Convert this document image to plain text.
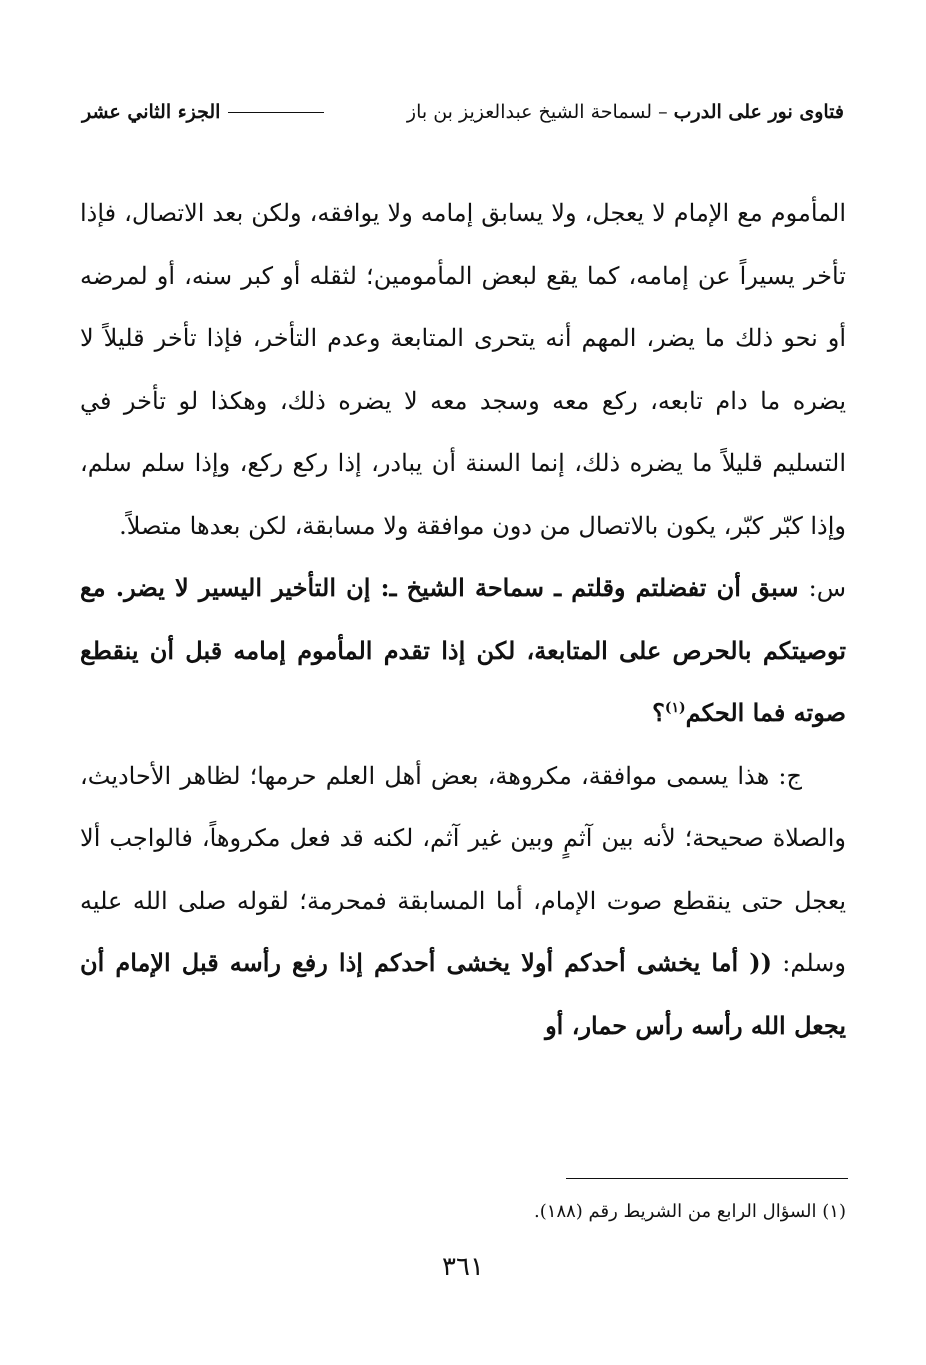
فتاوى نور على الدرب – لسماحة الشيخ عبدالعزيز بن باز
الجزء الثاني عشر

المأموم مع الإمام لا يعجل، ولا يسابق إمامه ولا يوافقه، ولكن بعد الاتصال، فإذا تأخر يسيراً عن إمامه، كما يقع لبعض المأمومين؛ لثقله أو كبر سنه، أو لمرضه أو نحو ذلك ما يضر، المهم أنه يتحرى المتابعة وعدم التأخر، فإذا تأخر قليلاً لا يضره ما دام تابعه، ركع معه وسجد معه لا يضره ذلك، وهكذا لو تأخر في التسليم قليلاً ما يضره ذلك، إنما السنة أن يبادر، إذا ركع ركع، وإذا سلم سلم، وإذا كبّر كبّر، يكون بالاتصال من دون موافقة ولا مسابقة، لكن بعدها متصلاً.

س: سبق أن تفضلتم وقلتم ـ سماحة الشيخ ـ: إن التأخير اليسير لا يضر. مع توصيتكم بالحرص على المتابعة، لكن إذا تقدم المأموم إمامه قبل أن ينقطع صوته فما الحكم$^{(١)}$؟

ج: هذا يسمى موافقة، مكروهة، بعض أهل العلم حرمها؛ لظاهر الأحاديث، والصلاة صحيحة؛ لأنه بين آثمٍ وبين غير آثم، لكنه قد فعل مكروهاً، فالواجب ألا يعجل حتى ينقطع صوت الإمام، أما المسابقة فمحرمة؛ لقوله صلى الله عليه وسلم: (( أما يخشى أحدكم أولا يخشى أحدكم إذا رفع رأسه قبل الإمام أن يجعل الله رأسه رأس حمار، أو

(١) السؤال الرابع من الشريط رقم (١٨٨).
٣٦١
